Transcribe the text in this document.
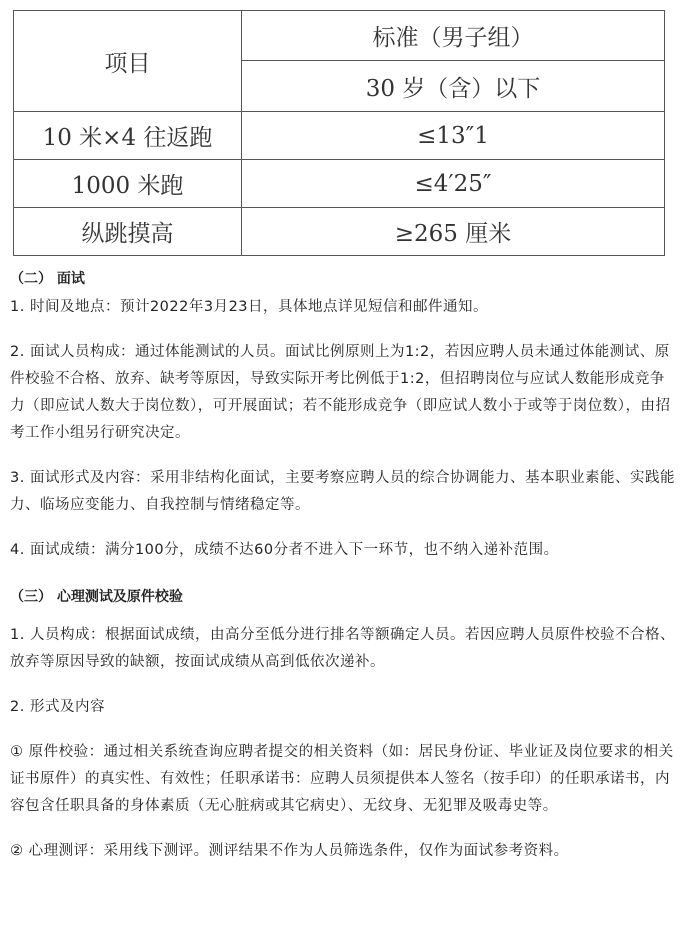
项目	标准（男子组）
	30 岁（含）以下
10 米×4 往返跑	≤13″1
1000 米跑	≤4′25″
纵跳摸高	≥265 厘米
（二） 面试
1. 时间及地点：预计2022年3月23日，具体地点详见短信和邮件通知。
2. 面试人员构成：通过体能测试的人员。面试比例原则上为1:2，若因应聘人员未通过体能测试、原件校验不合格、放弃、缺考等原因，导致实际开考比例低于1:2，但招聘岗位与应试人数能形成竞争力（即应试人数大于岗位数），可开展面试；若不能形成竞争（即应试人数小于或等于岗位数），由招考工作小组另行研究决定。
3. 面试形式及内容：采用非结构化面试，主要考察应聘人员的综合协调能力、基本职业素能、实践能力、临场应变能力、自我控制与情绪稳定等。
4. 面试成绩：满分100分，成绩不达60分者不进入下一环节，也不纳入递补范围。
（三） 心理测试及原件校验
1. 人员构成：根据面试成绩，由高分至低分进行排名等额确定人员。若因应聘人员原件校验不合格、放弃等原因导致的缺额，按面试成绩从高到低依次递补。
2. 形式及内容
① 原件校验：通过相关系统查询应聘者提交的相关资料（如：居民身份证、毕业证及岗位要求的相关证书原件）的真实性、有效性；任职承诺书：应聘人员须提供本人签名（按手印）的任职承诺书，内容包含任职具备的身体素质（无心脏病或其它病史）、无纹身、无犯罪及吸毒史等。
② 心理测评：采用线下测评。测评结果不作为人员筛选条件，仅作为面试参考资料。
